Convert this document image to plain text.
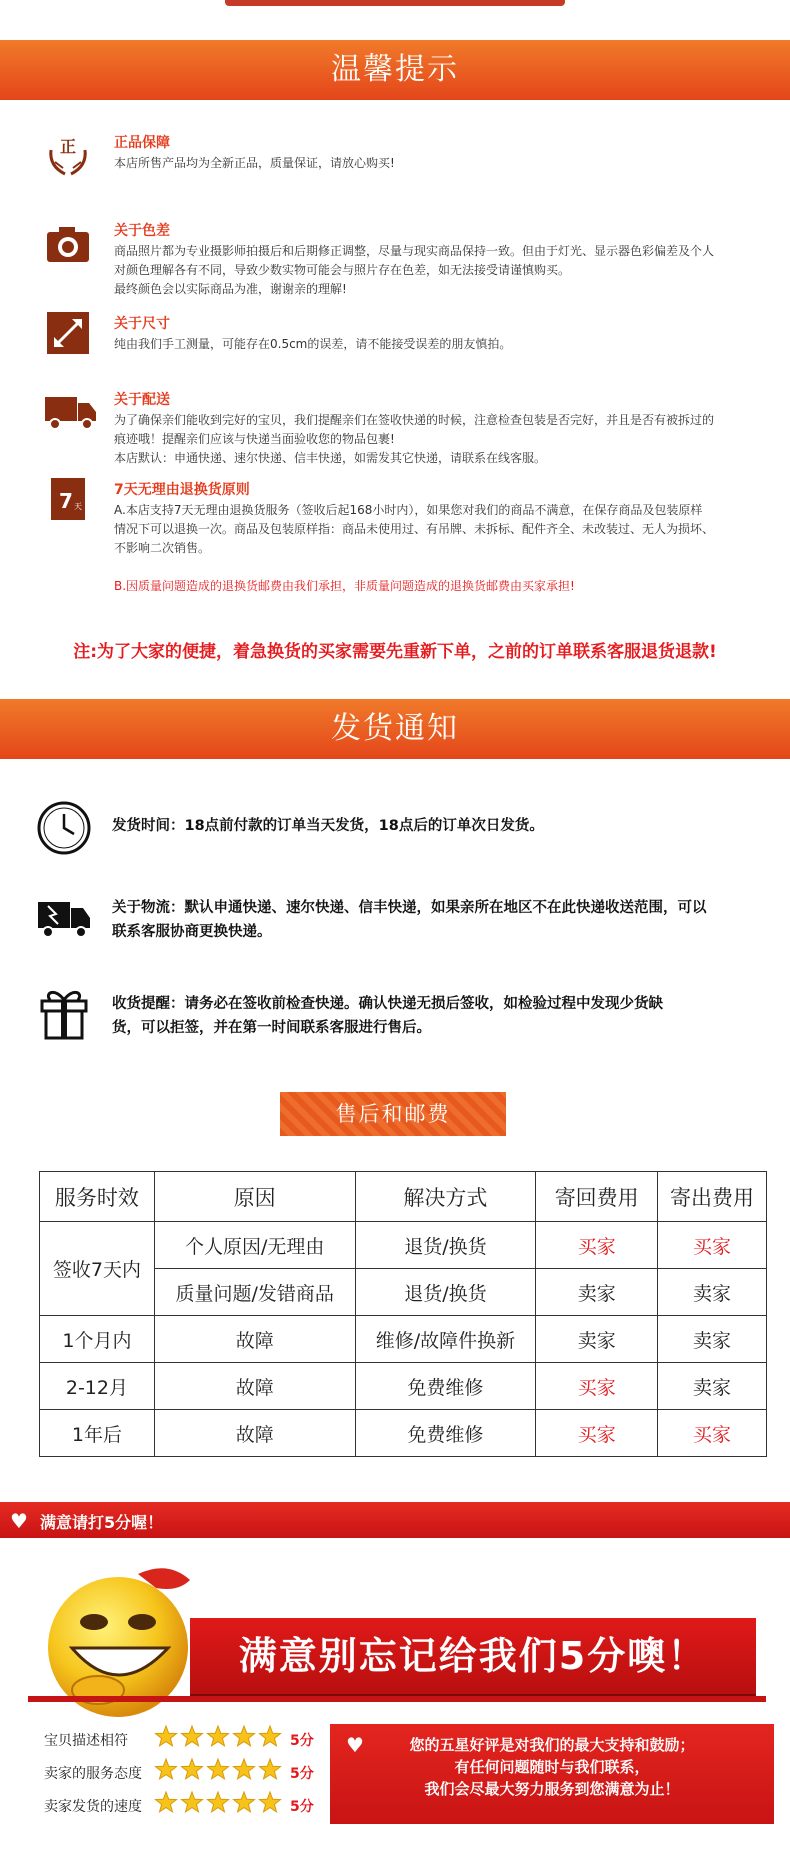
温馨提示
正	正品保障
本店所售产品均为全新正品，质量保证，请放心购买!
关于色差
商品照片都为专业摄影师拍摄后和后期修正调整，尽量与现实商品保持一致。但由于灯光、显示器色彩偏差及个人
对颜色理解各有不同，导致少数实物可能会与照片存在色差，如无法接受请谨慎购买。
最终颜色会以实际商品为准，谢谢亲的理解!
关于尺寸
纯由我们手工测量，可能存在0.5cm的误差，请不能接受误差的朋友慎拍。
关于配送
为了确保亲们能收到完好的宝贝，我们提醒亲们在签收快递的时候，注意检查包装是否完好，并且是否有被拆过的
痕迹哦！提醒亲们应该与快递当面验收您的物品包裹!
本店默认：申通快递、速尔快递、信丰快递，如需发其它快递，请联系在线客服。
7 天
7天无理由退换货原则
A.本店支持7天无理由退换货服务（签收后起168小时内），如果您对我们的商品不满意，在保存商品及包装原样
情况下可以退换一次。商品及包装原样指：商品未使用过、有吊牌、未拆标、配件齐全、未改装过、无人为损坏、
不影响二次销售。
B.因质量问题造成的退换货邮费由我们承担，非质量问题造成的退换货邮费由买家承担!
注:为了大家的便捷，着急换货的买家需要先重新下单，之前的订单联系客服退货退款!
发货通知
发货时间：18点前付款的订单当天发货，18点后的订单次日发货。
关于物流：默认申通快递、速尔快递、信丰快递，如果亲所在地区不在此快递收送范围，可以
联系客服协商更换快递。
收货提醒：请务必在签收前检查快递。确认快递无损后签收，如检验过程中发现少货缺
货，可以拒签，并在第一时间联系客服进行售后。
售后和邮费
服务时效	原因	解决方式	寄回费用	寄出费用
签收7天内	个人原因/无理由	退货/换货	买家	买家
	质量问题/发错商品	退货/换货	卖家	卖家
1个月内	故障	维修/故障件换新	卖家	卖家
2-12月	故障	免费维修	买家	卖家
1年后	故障	免费维修	买家	买家
♥ 满意请打5分喔！
满意别忘记给我们5分噢！
宝贝描述相符	5分
卖家的服务态度	5分
卖家发货的速度	5分
♥	您的五星好评是对我们的最大支持和鼓励；
有任何问题随时与我们联系，
我们会尽最大努力服务到您满意为止！
